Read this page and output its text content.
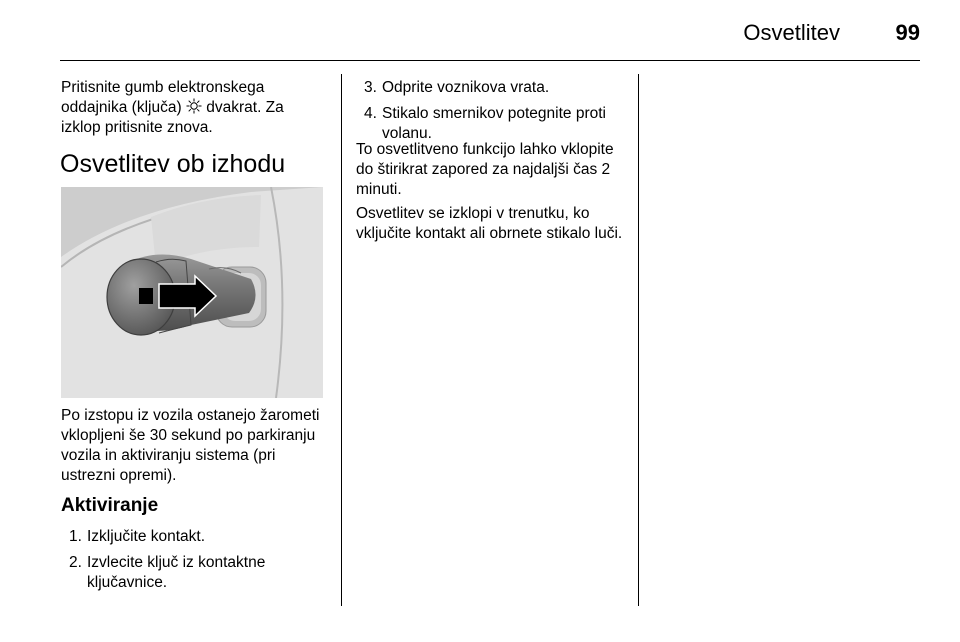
Osvetlitev	99

Pritisnite gumb elektronskega oddajnika (ključa)  dvakrat. Za izklop pritisnite znova.

Osvetlitev ob izhodu

Po izstopu iz vozila ostanejo žarometi vklopljeni še 30 sekund po parkiranju vozila in aktiviranju sistema (pri ustrezni opremi).

Aktiviranje
1. Izključite kontakt.
2. Izvlecite ključ iz kontaktne ključavnice.
3. Odprite voznikova vrata.
4. Stikalo smernikov potegnite proti volanu.

To osvetlitveno funkcijo lahko vklopite do štirikrat zapored za najdaljši čas 2 minuti.

Osvetlitev se izklopi v trenutku, ko vključite kontakt ali obrnete stikalo luči.
